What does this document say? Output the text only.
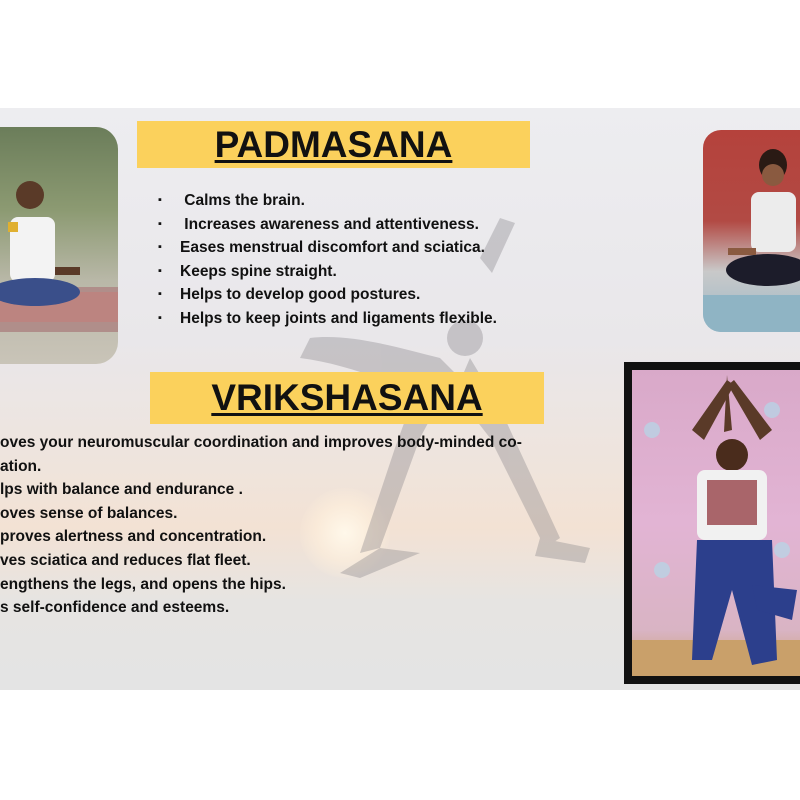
PADMASANA
▪ Calms the brain.
▪ Increases awareness and attentiveness.
▪ Eases menstrual discomfort and sciatica.
▪ Keeps spine straight.
▪ Helps to develop good postures.
▪ Helps to keep joints and ligaments flexible.
VRIKSHASANA
oves your neuromuscular coordination and improves body-minded co-
ation.
lps with balance and endurance .
oves sense of balances.
proves alertness and concentration.
ves sciatica and reduces flat fleet.
engthens the legs, and opens the hips.
s self-confidence and esteems.
